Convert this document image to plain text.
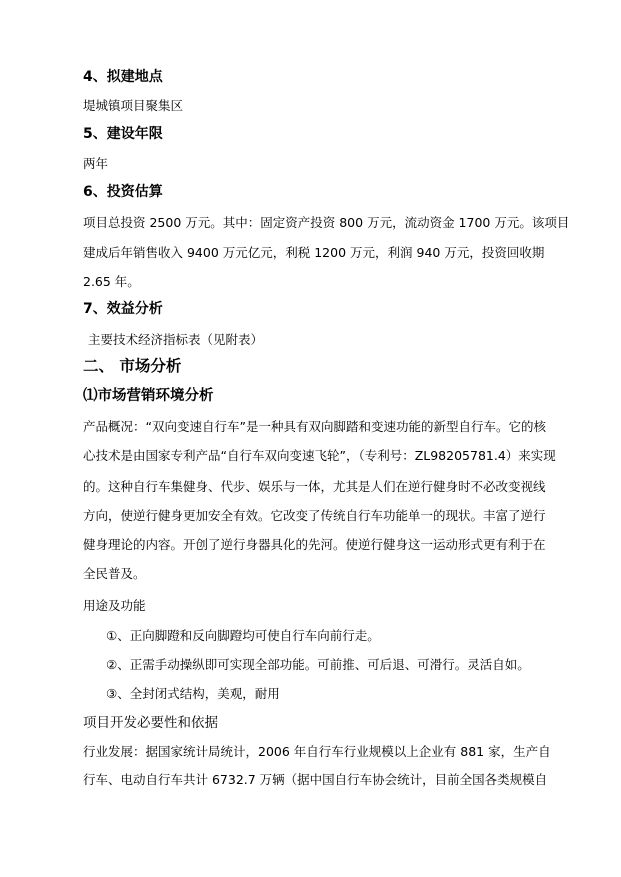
4、拟建地点
堤城镇项目聚集区
5、建设年限
两年
6、投资估算
项目总投资 2500 万元。其中：固定资产投资 800 万元，流动资金 1700 万元。该项目
建成后年销售收入 9400 万元亿元，利税 1200 万元，利润 940 万元，投资回收期
2.65 年。
7、效益分析
主要技术经济指标表（见附表）
二、 市场分析
⑴市场营销环境分析
产品概况：“双向变速自行车”是一种具有双向脚踏和变速功能的新型自行车。它的核
心技术是由国家专利产品“自行车双向变速飞轮”，（专利号：ZL98205781.4）来实现
的。这种自行车集健身、代步、娱乐与一体，尤其是人们在逆行健身时不必改变视线
方向，使逆行健身更加安全有效。它改变了传统自行车功能单一的现状。丰富了逆行
健身理论的内容。开创了逆行身器具化的先河。使逆行健身这一运动形式更有利于在
全民普及。
用途及功能
①、正向脚蹬和反向脚蹬均可使自行车向前行走。
②、正需手动操纵即可实现全部功能。可前推、可后退、可滑行。灵活自如。
③、全封闭式结构，美观，耐用
项目开发必要性和依据
行业发展：据国家统计局统计，2006 年自行车行业规模以上企业有 881 家，生产自
行车、电动自行车共计 6732.7 万辆（据中国自行车协会统计，目前全国各类规模自
